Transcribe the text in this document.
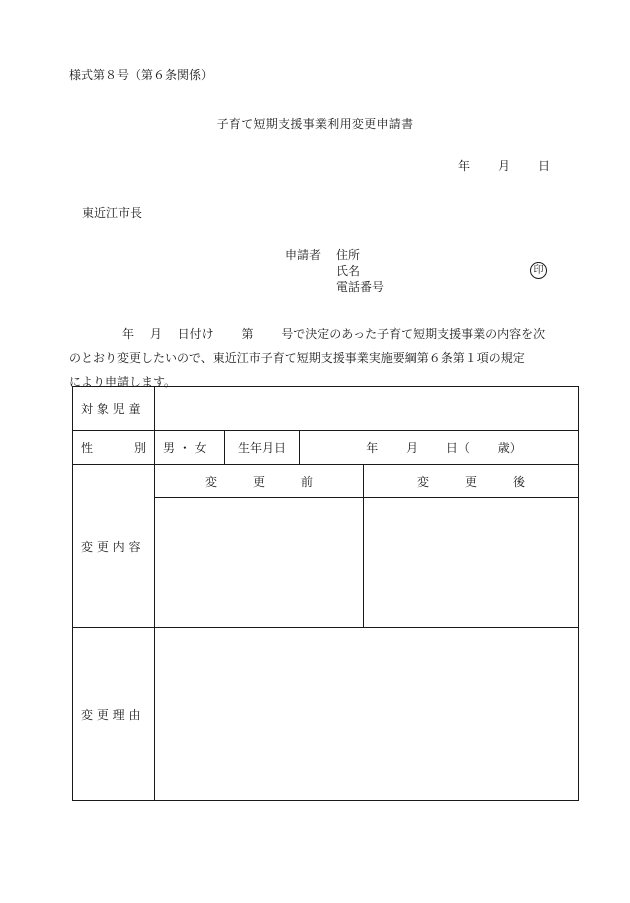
様式第８号（第６条関係）
子育て短期支援事業利用変更申請書
年 月 日
東近江市長
申請者 住所
氏名
電話番号
印

年　 月　 日付け　　 第　　 号で決定のあった子育て短期支援事業の内容を次

のとおり変更したいので、東近江市子育て短期支援事業実施要綱第６条第１項の規定

により申請します。

対 象 児 童				

性 別	男 ・ 女	生年月日	年　　 月　　 日（　　 歳）	
変 更 内 容	変　　　更　　　前			変　　　更　　　後

変 更 理 由				
